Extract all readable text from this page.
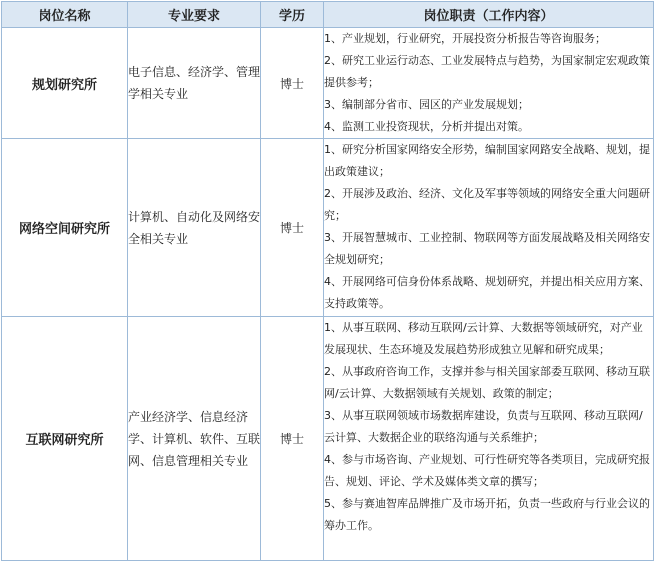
岗位名称	专业要求	学历	岗位职责（工作内容）
规划研究所	电子信息、经济学、管理学相关专业	博士	1、产业规划，行业研究，开展投资分析报告等咨询服务；
2、研究工业运行动态、工业发展特点与趋势，为国家制定宏观政策提供参考；
3、编制部分省市、园区的产业发展规划；
4、监测工业投资现状，分析并提出对策。

网络空间研究所	计算机、自动化及网络安全相关专业	博士	1、研究分析国家网络安全形势，编制国家网路安全战略、规划，提出政策建议；
2、开展涉及政治、经济、文化及军事等领域的网络安全重大问题研究；
3、开展智慧城市、工业控制、物联网等方面发展战略及相关网络安全规划研究；
4、开展网络可信身份体系战略、规划研究，并提出相关应用方案、支持政策等。

互联网研究所	产业经济学、信息经济学、计算机、软件、互联网、信息管理相关专业	博士	1、从事互联网、移动互联网/云计算、大数据等领域研究，对产业发展现状、生态环境及发展趋势形成独立见解和研究成果；
2、从事政府咨询工作，支撑并参与相关国家部委互联网、移动互联网/云计算、大数据领域有关规划、政策的制定；
3、从事互联网领域市场数据库建设，负责与互联网、移动互联网/云计算、大数据企业的联络沟通与关系维护；
4、参与市场咨询、产业规划、可行性研究等各类项目，完成研究报告、规划、评论、学术及媒体类文章的撰写；
5、参与赛迪智库品牌推广及市场开拓，负责一些政府与行业会议的筹办工作。
